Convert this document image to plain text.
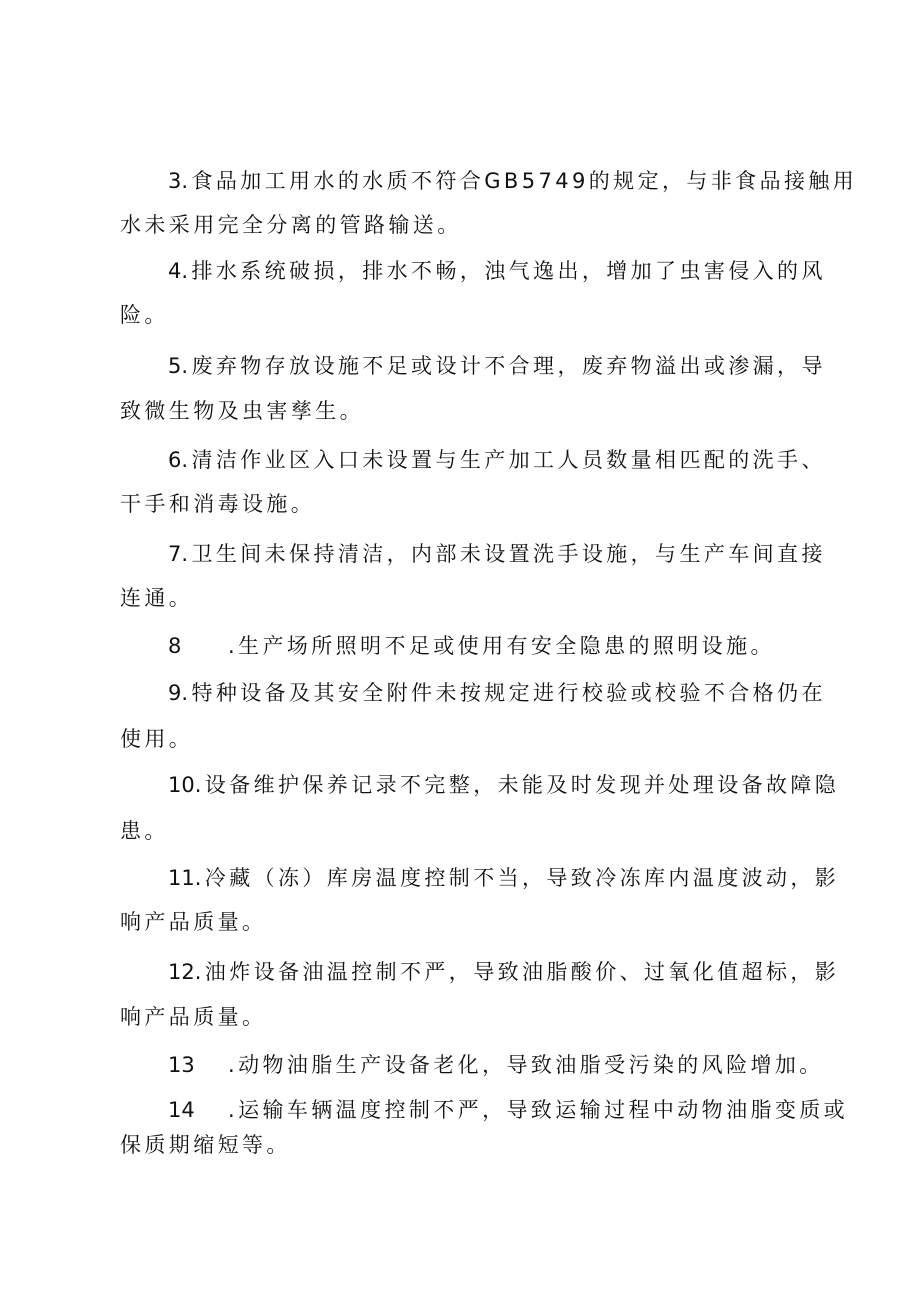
3.食品加工用水的水质不符合GB5749的规定，与非食品接触用
水未采用完全分离的管路输送。
4.排水系统破损，排水不畅，浊气逸出，增加了虫害侵入的风
险。
5.废弃物存放设施不足或设计不合理，废弃物溢出或渗漏，导
致微生物及虫害孳生。
6.清洁作业区入口未设置与生产加工人员数量相匹配的洗手、
干手和消毒设施。
7.卫生间未保持清洁，内部未设置洗手设施，与生产车间直接
连通。
8 .生产场所照明不足或使用有安全隐患的照明设施。
9.特种设备及其安全附件未按规定进行校验或校验不合格仍在
使用。
10.设备维护保养记录不完整，未能及时发现并处理设备故障隐
患。
11.冷藏（冻）库房温度控制不当，导致冷冻库内温度波动，影
响产品质量。
12.油炸设备油温控制不严，导致油脂酸价、过氧化值超标，影
响产品质量。
13 .动物油脂生产设备老化，导致油脂受污染的风险增加。
14 .运输车辆温度控制不严，导致运输过程中动物油脂变质或
保质期缩短等。
